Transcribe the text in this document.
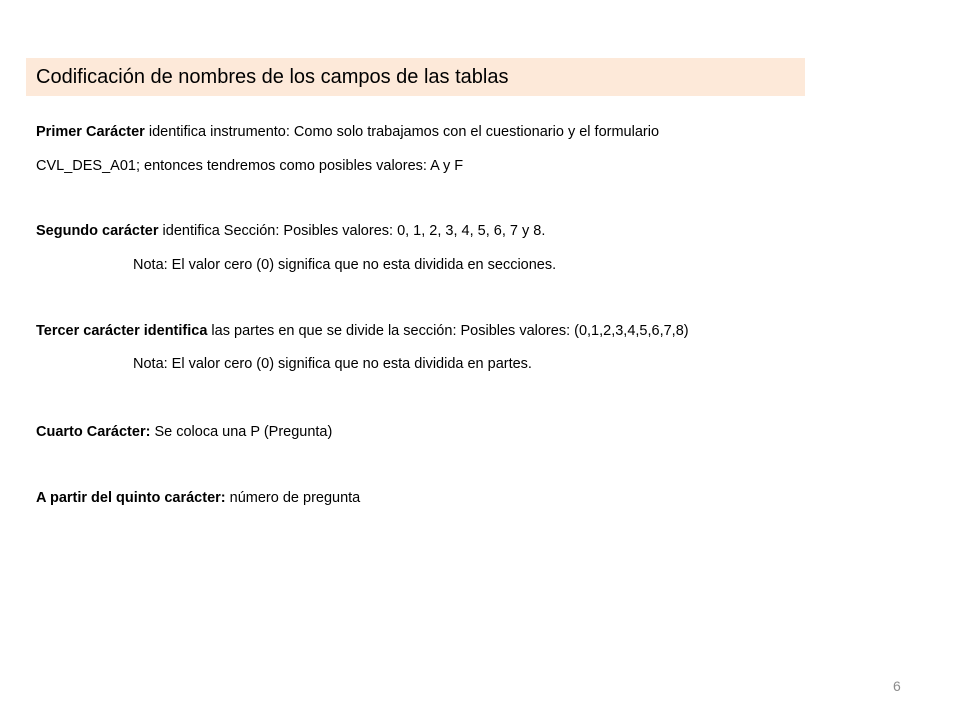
Codificación de nombres de los campos de las tablas
Primer Carácter identifica instrumento: Como solo trabajamos con el cuestionario y el formulario
CVL_DES_A01; entonces tendremos como posibles valores: A y F
Segundo carácter identifica Sección: Posibles valores: 0, 1, 2, 3, 4, 5, 6, 7 y 8.
Nota: El valor cero (0) significa que no esta dividida en secciones.
Tercer carácter identifica las partes en que se divide la sección: Posibles valores: (0,1,2,3,4,5,6,7,8)
Nota: El valor cero (0) significa que no esta dividida en partes.
Cuarto Carácter: Se coloca una P (Pregunta)
A partir del quinto carácter: número de pregunta
6
